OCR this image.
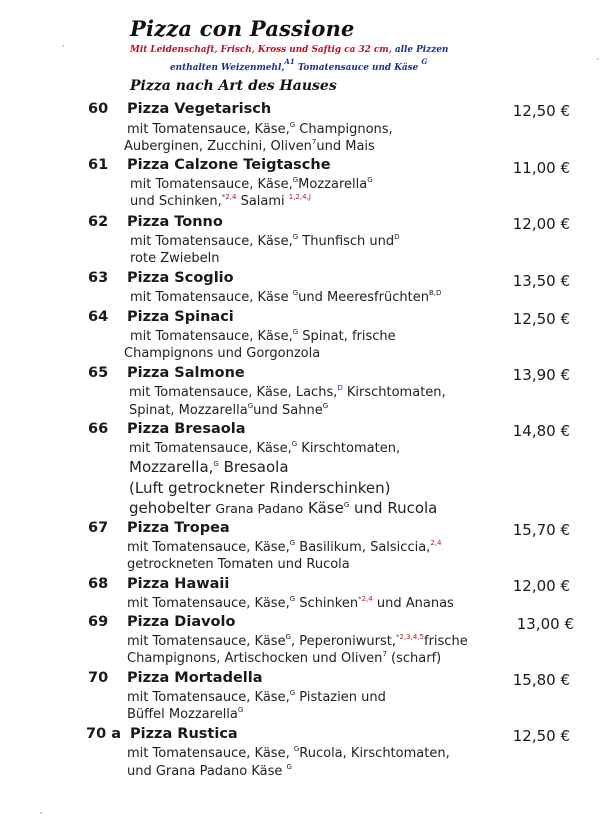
Pizza con Passione
Mit Leidenschaft, Frisch, Kross und Saftig ca 32 cm, alle Pizzen
enthalten Weizenmehl,$^{A1}$ Tomatensauce und Käse $^G$
Pizza nach Art des Hauses
60 Pizza Vegetarisch	12,50 €
mit Tomatensauce, Käse,$^G$ Champignons,
Auberginen, Zucchini, Oliven$^7$und Mais
61 Pizza Calzone Teigtasche	11,00 €
mit Tomatensauce, Käse,$^G$Mozzarella$^G$
und Schinken,$^{*2,4}$ Salami $^{1,2,4,J}$
62 Pizza Tonno	12,00 €
mit Tomatensauce, Käse,$^G$ Thunfisch und$^D$
rote Zwiebeln
63 Pizza Scoglio	13,50 €
mit Tomatensauce, Käse $^G$und Meeresfrüchten$^{B,D}$
64 Pizza Spinaci	12,50 €
mit Tomatensauce, Käse,$^G$ Spinat, frische
Champignons und Gorgonzola
65 Pizza Salmone	13,90 €
mit Tomatensauce, Käse, Lachs,$^D$ Kirschtomaten,
Spinat, Mozzarella$^G$und Sahne$^G$
66 Pizza Bresaola	14,80 €
mit Tomatensauce, Käse,$^G$ Kirschtomaten,
Mozzarella,$^G$ Bresaola
(Luft getrockneter Rinderschinken)
gehobelter Grana Padano Käse$^G$ und Rucola
67 Pizza Tropea	15,70 €
mit Tomatensauce, Käse,$^G$ Basilikum, Salsiccia,$^{2,4}$
getrockneten Tomaten und Rucola
68 Pizza Hawaii	12,00 €
mit Tomatensauce, Käse,$^G$ Schinken$^{*2,4}$ und Ananas
69 Pizza Diavolo	13,00 €
mit Tomatensauce, Käse$^G$, Peperoniwurst,$^{*2,3,4,5}$frische
Champignons, Artischocken und Oliven$^7$ (scharf)
70 Pizza Mortadella	15,80 €
mit Tomatensauce, Käse,$^G$ Pistazien und
Büffel Mozzarella$^G$
70 a Pizza Rustica	12,50 €
mit Tomatensauce, Käse, $^G$Rucola, Kirschtomaten,
und Grana Padano Käse $^G$
